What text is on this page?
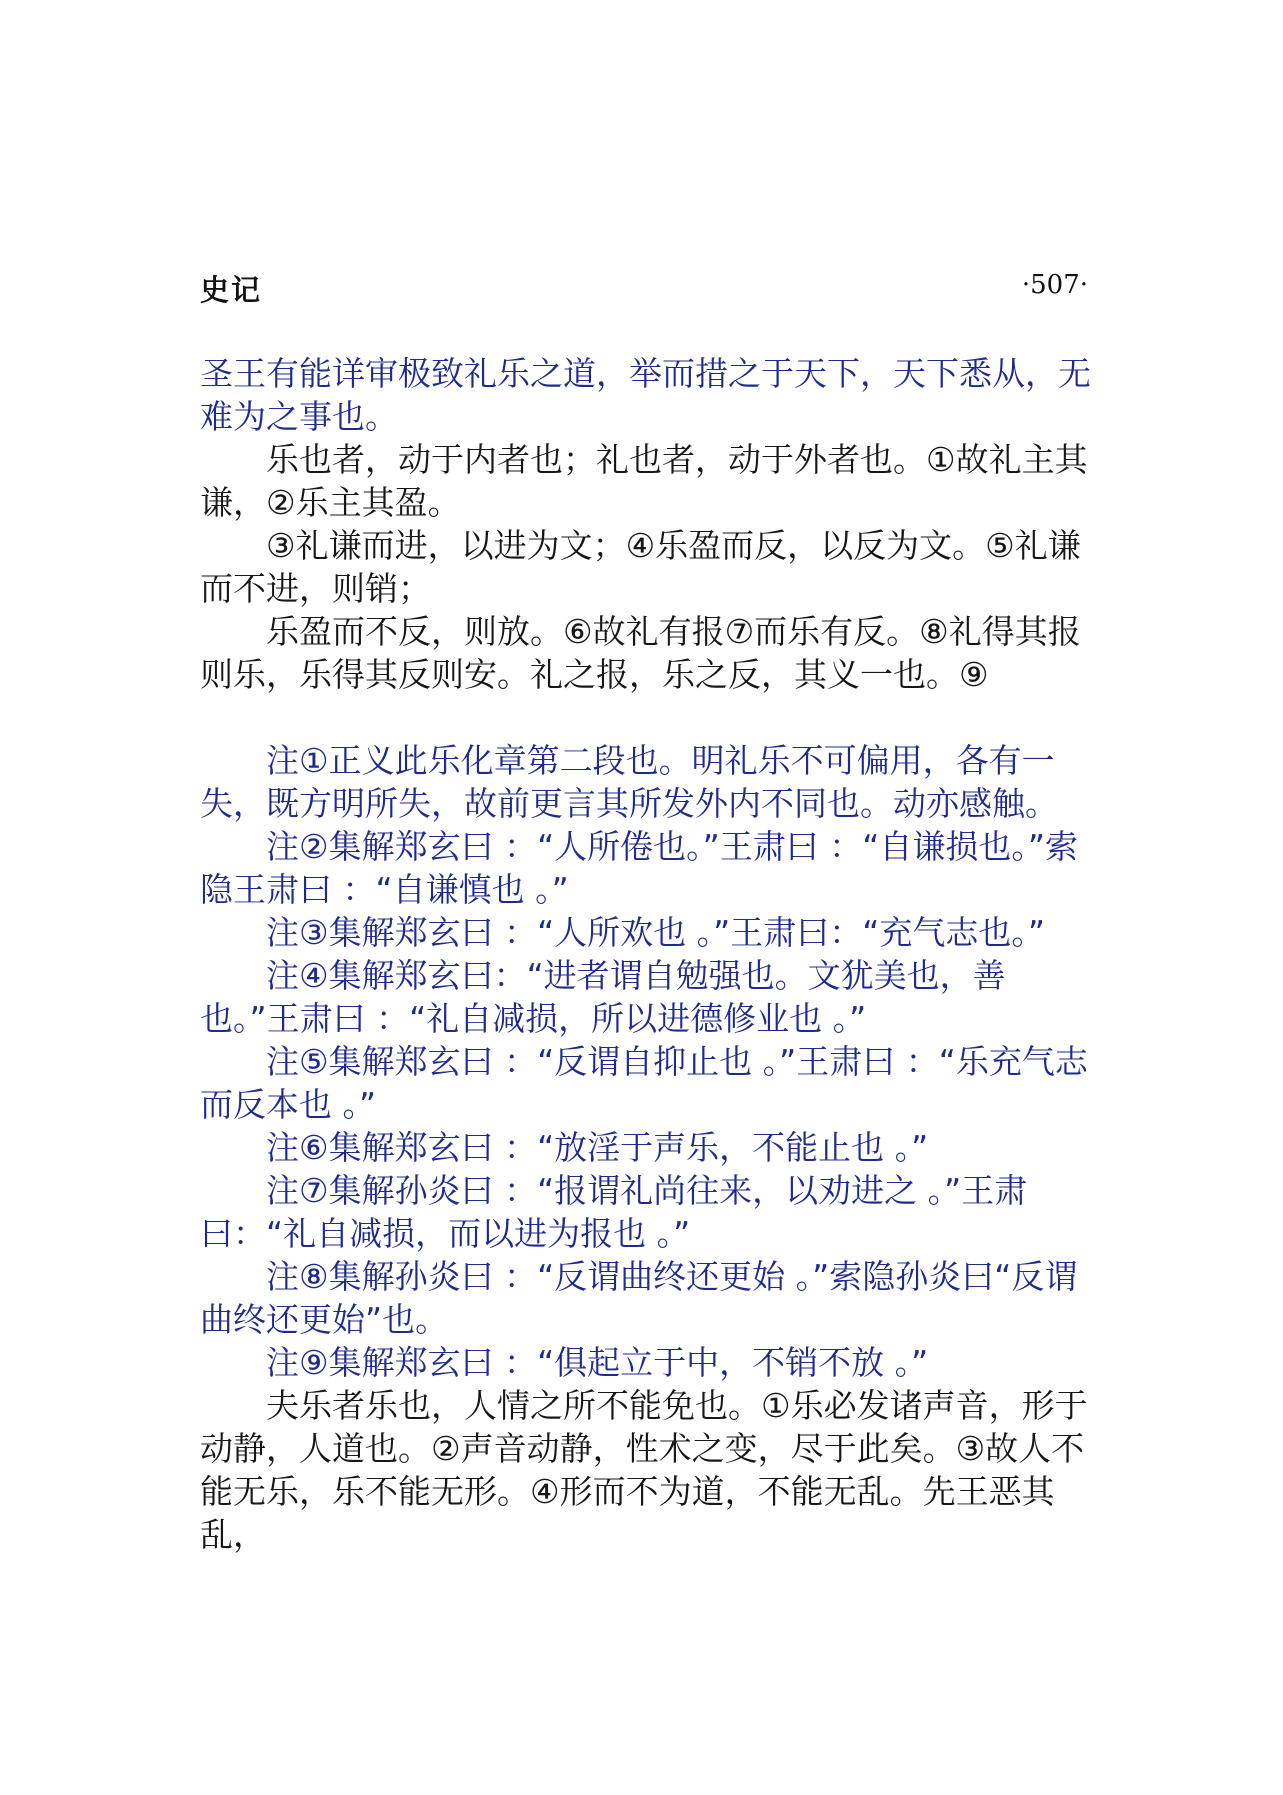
史记	·507·

圣王有能详审极致礼乐之道，举而措之于天下，天下悉从，无难为之事也。

乐也者，动于内者也；礼也者，动于外者也。①故礼主其谦，②乐主其盈。

③礼谦而进，以进为文；④乐盈而反，以反为文。⑤礼谦而不进，则销；

乐盈而不反，则放。⑥故礼有报⑦而乐有反。⑧礼得其报则乐，乐得其反则安。礼之报，乐之反，其义一也。⑨

注①正义此乐化章第二段也。明礼乐不可偏用，各有一失，既方明所失，故前更言其所发外内不同也。动亦感触。

注②集解郑玄曰 ：“人所倦也。”王肃曰 ：“自谦损也。”索隐王肃曰 ：“自谦慎也 。”

注③集解郑玄曰 ：“人所欢也 。”王肃曰：“充气志也。”

注④集解郑玄曰：“进者谓自勉强也。文犹美也，善也。”王肃曰 ：“礼自减损，所以进德修业也 。”

注⑤集解郑玄曰 ：“反谓自抑止也 。”王肃曰 ：“乐充气志而反本也 。”

注⑥集解郑玄曰 ：“放淫于声乐，不能止也 。”

注⑦集解孙炎曰 ：“报谓礼尚往来，以劝进之 。”王肃曰：“礼自减损，而以进为报也 。”

注⑧集解孙炎曰 ：“反谓曲终还更始 。”索隐孙炎曰“反谓曲终还更始”也。

注⑨集解郑玄曰 ：“俱起立于中，不销不放 。”

夫乐者乐也，人情之所不能免也。①乐必发诸声音，形于动静，人道也。②声音动静，性术之变，尽于此矣。③故人不能无乐，乐不能无形。④形而不为道，不能无乱。先王恶其乱，
